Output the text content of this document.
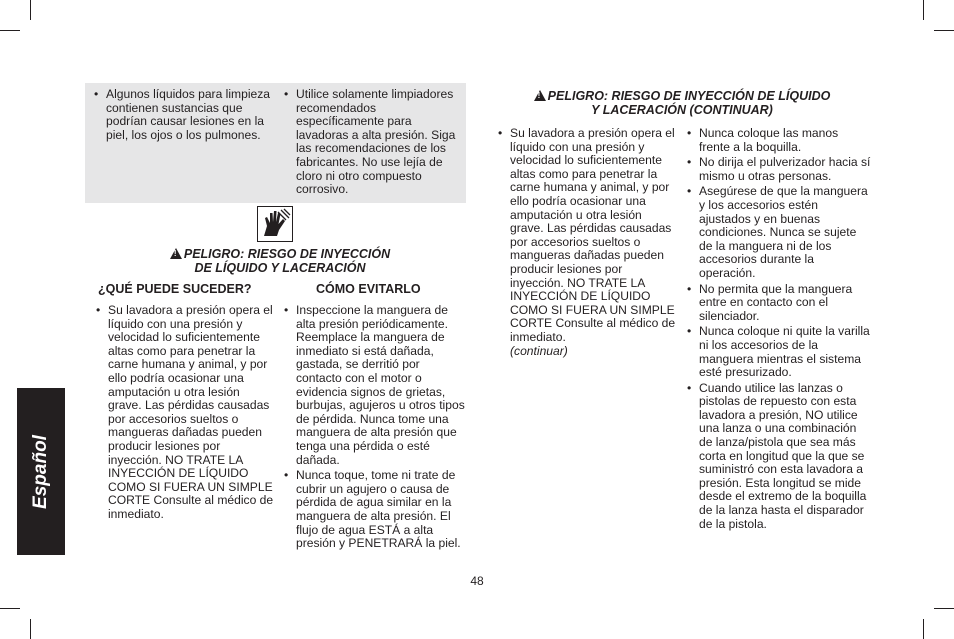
Español
• Algunos líquidos para limpieza contienen sustancias que podrían causar lesiones en la piel, los ojos o los pulmones.
• Utilice solamente limpiadores recomendados específicamente para lavadoras a alta presión. Siga las recomendaciones de los fabricantes. No use lejía de cloro ni otro compuesto corrosivo.
!PELIGRO: RIESGO DE INYECCIÓN
DE LÍQUIDO Y LACERACIÓN
¿QUÉ PUEDE SUCEDER?	CÓMO EVITARLO
• Su lavadora a presión opera el líquido con una presión y velocidad lo suficientemente altas como para penetrar la carne humana y animal, y por ello podría ocasionar una amputación u otra lesión grave. Las pérdidas causadas por accesorios sueltos o mangueras dañadas pueden producir lesiones por inyección. NO TRATE LA INYECCIÓN DE LÍQUIDO COMO SI FUERA UN SIMPLE CORTE Consulte al médico de inmediato.
• Inspeccione la manguera de alta presión periódicamente. Reemplace la manguera de inmediato si está dañada, gastada, se derritió por contacto con el motor o evidencia signos de grietas, burbujas, agujeros u otros tipos de pérdida. Nunca tome una manguera de alta presión que tenga una pérdida o esté dañada.
• Nunca toque, tome ni trate de cubrir un agujero o causa de pérdida de agua similar en la manguera de alta presión. El flujo de agua ESTÁ a alta presión y PENETRARÁ la piel.
!PELIGRO: RIESGO DE INYECCIÓN DE LÍQUIDO
Y LACERACIÓN (CONTINUAR)
• Su lavadora a presión opera el líquido con una presión y velocidad lo suficientemente altas como para penetrar la carne humana y animal, y por ello podría ocasionar una amputación u otra lesión grave. Las pérdidas causadas por accesorios sueltos o mangueras dañadas pueden producir lesiones por inyección. NO TRATE LA INYECCIÓN DE LÍQUIDO COMO SI FUERA UN SIMPLE CORTE Consulte al médico de inmediato.
(continuar)
• Nunca coloque las manos frente a la boquilla.
• No dirija el pulverizador hacia sí mismo u otras personas.
• Asegúrese de que la manguera y los accesorios estén ajustados y en buenas condiciones. Nunca se sujete de la manguera ni de los accesorios durante la operación.
• No permita que la manguera entre en contacto con el silenciador.
• Nunca coloque ni quite la varilla ni los accesorios de la manguera mientras el sistema esté presurizado.
• Cuando utilice las lanzas o pistolas de repuesto con esta lavadora a presión, NO utilice una lanza o una combinación de lanza/pistola que sea más corta en longitud que la que se suministró con esta lavadora a presión. Esta longitud se mide desde el extremo de la boquilla de la lanza hasta el disparador de la pistola.
48
